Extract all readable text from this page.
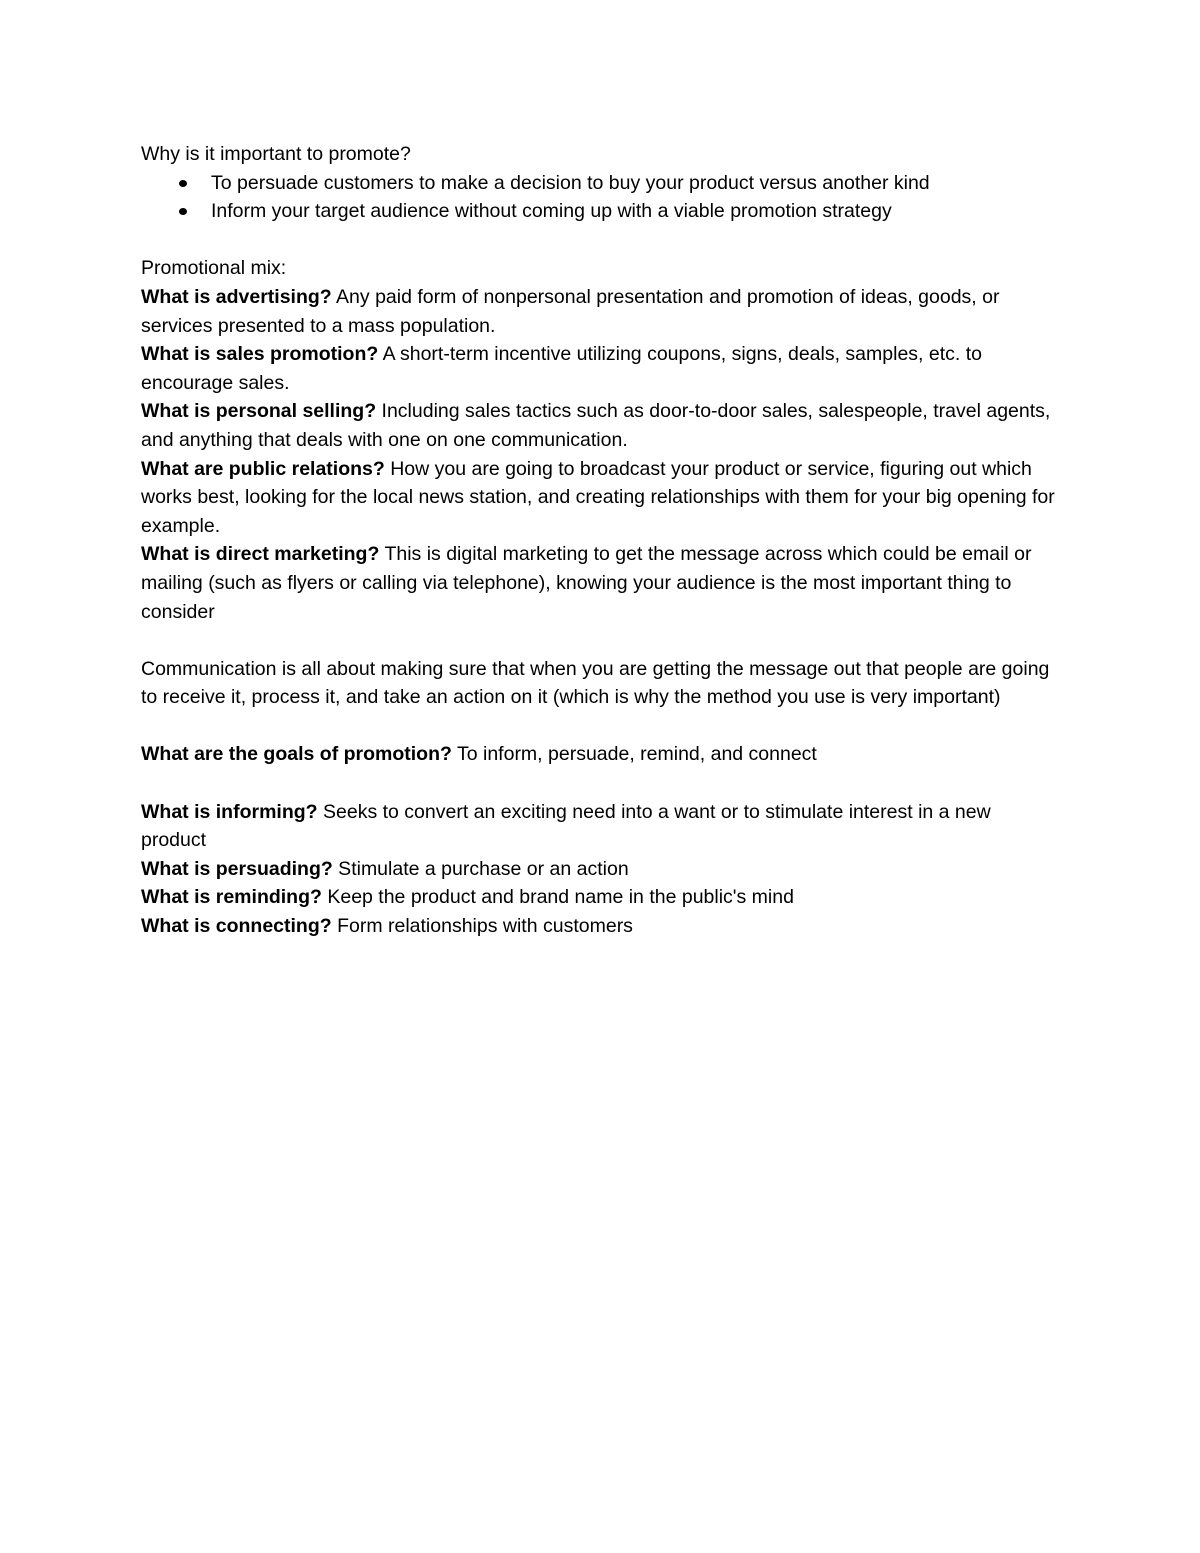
Why is it important to promote?

To persuade customers to make a decision to buy your product versus another kind
Inform your target audience without coming up with a viable promotion strategy

Promotional mix:

What is advertising? Any paid form of nonpersonal presentation and promotion of ideas, goods, or services presented to a mass population.

What is sales promotion? A short-term incentive utilizing coupons, signs, deals, samples, etc. to encourage sales.

What is personal selling? Including sales tactics such as door-to-door sales, salespeople, travel agents, and anything that deals with one on one communication.

What are public relations? How you are going to broadcast your product or service, figuring out which works best, looking for the local news station, and creating relationships with them for your big opening for example.

What is direct marketing? This is digital marketing to get the message across which could be email or mailing (such as flyers or calling via telephone), knowing your audience is the most important thing to consider

Communication is all about making sure that when you are getting the message out that people are going to receive it, process it, and take an action on it (which is why the method you use is very important)

What are the goals of promotion? To inform, persuade, remind, and connect

What is informing? Seeks to convert an exciting need into a want or to stimulate interest in a new product

What is persuading? Stimulate a purchase or an action

What is reminding? Keep the product and brand name in the public's mind

What is connecting? Form relationships with customers
